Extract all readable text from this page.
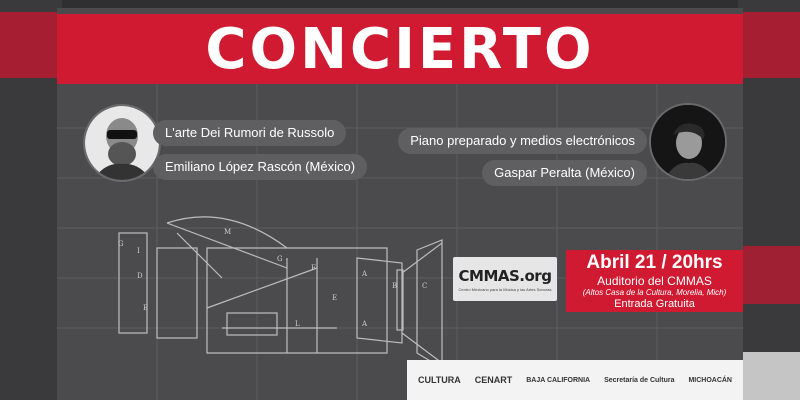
M
G
I
D
E
F
E
A
A
B	C
L
G
CONCIERTO
L'arte Dei Rumori de Russolo
Emiliano López Rascón (México)
Piano preparado y medios electrónicos
Gaspar Peralta (México)
CMMAS.org
Centro Mexicano para la Música y las Artes Sonoras
Abril 21 / 20hrs
Auditorio del CMMAS
(Altos Casa de la Cultura, Morelia, Mich)
Entrada Gratuita
CULTURA CENART BAJA CALIFORNIA Secretaría de Cultura MICHOACÁN
